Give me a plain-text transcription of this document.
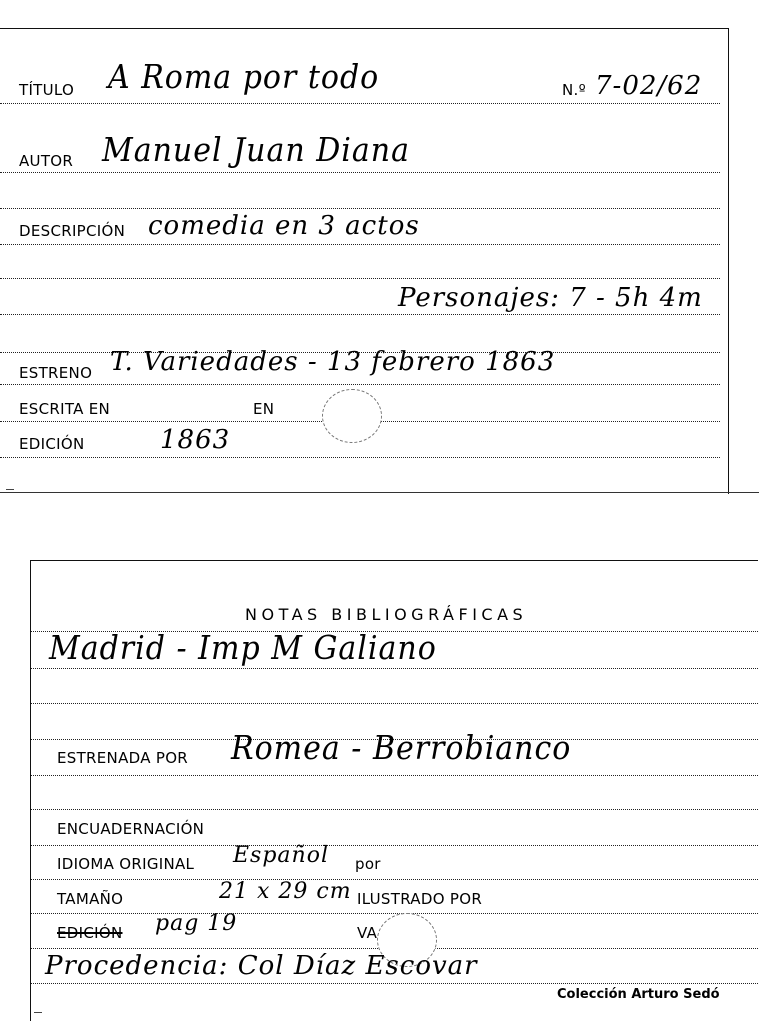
TÍTULO A Roma por todo	N.º 7-02/62
AUTOR Manuel Juan Diana
DESCRIPCIÓN comedia en 3 actos
Personajes: 7 - 5h 4m
ESTRENO T. Variedades - 13 febrero 1863
ESCRITA EN	EN
EDICIÓN	1863
NOTAS BIBLIOGRÁFICAS
Madrid - Imp M Galiano
ESTRENADA POR Romea - Berrobianco
ENCUADERNACIÓN
IDIOMA ORIGINAL Español por
TAMAÑO	21 x 29 cm ILUSTRADO POR
EDICIÓN pag 19	VA
Procedencia: Col Díaz Escovar
Colección Arturo Sedó
